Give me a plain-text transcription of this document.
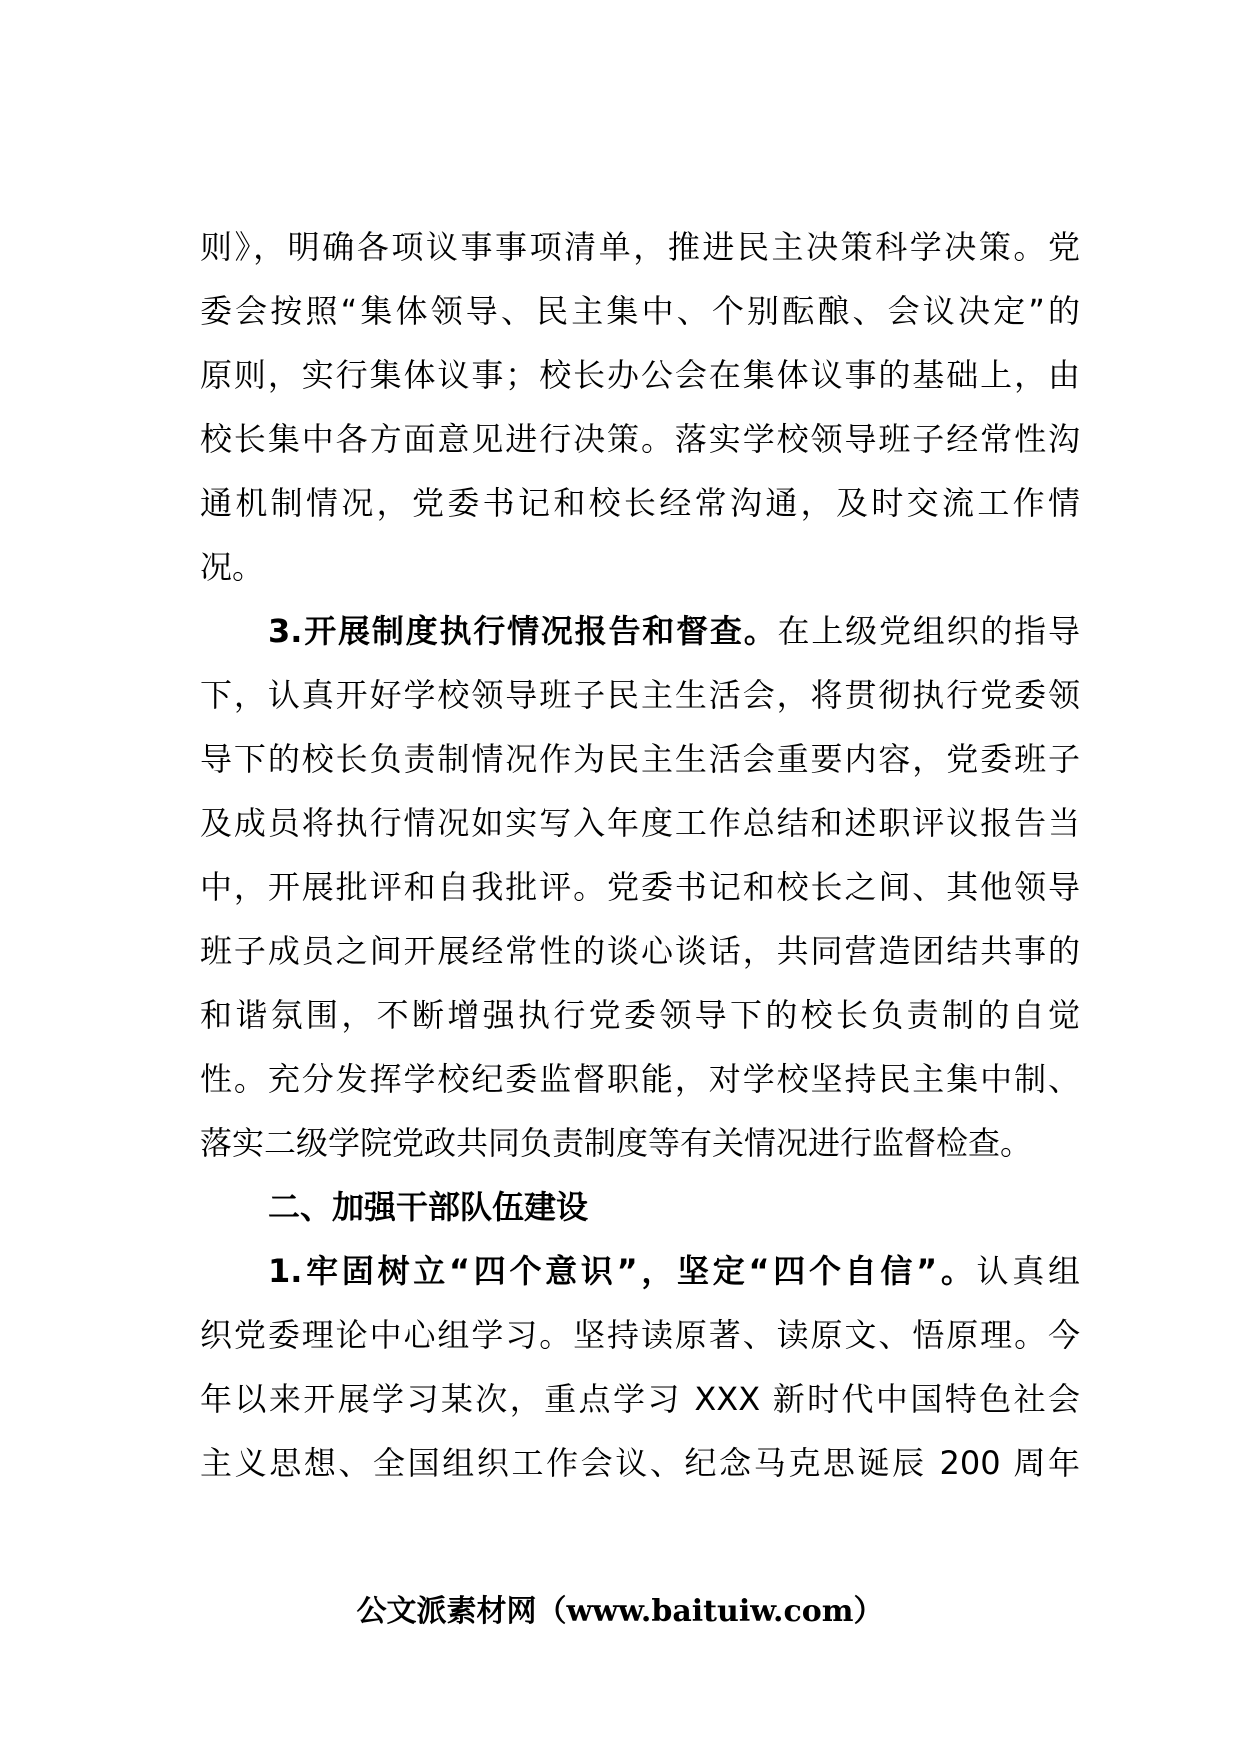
则》，明确各项议事事项清单，推进民主决策科学决策。党
委会按照“集体领导、民主集中、个别酝酿、会议决定”的
原则，实行集体议事；校长办公会在集体议事的基础上，由
校长集中各方面意见进行决策。落实学校领导班子经常性沟
通机制情况，党委书记和校长经常沟通，及时交流工作情
况。
3.开展制度执行情况报告和督查。在上级党组织的指导
下，认真开好学校领导班子民主生活会，将贯彻执行党委领
导下的校长负责制情况作为民主生活会重要内容，党委班子
及成员将执行情况如实写入年度工作总结和述职评议报告当
中，开展批评和自我批评。党委书记和校长之间、其他领导
班子成员之间开展经常性的谈心谈话，共同营造团结共事的
和谐氛围，不断增强执行党委领导下的校长负责制的自觉
性。充分发挥学校纪委监督职能，对学校坚持民主集中制、
落实二级学院党政共同负责制度等有关情况进行监督检查。
二、加强干部队伍建设
1.牢固树立“四个意识”，坚定“四个自信”。认真组
织党委理论中心组学习。坚持读原著、读原文、悟原理。今
年以来开展学习某次，重点学习 XXX 新时代中国特色社会
主义思想、全国组织工作会议、纪念马克思诞辰 200 周年
公文派素材网（www.baituiw.com）
